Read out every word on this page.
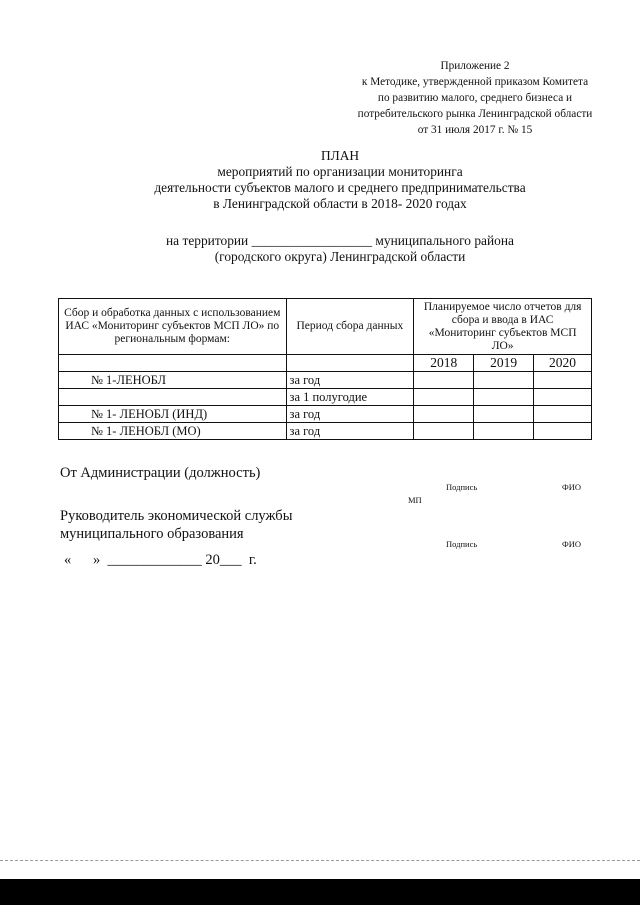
Приложение 2
к Методике, утвержденной приказом Комитета
по развитию малого, среднего бизнеса и
потребительского рынка Ленинградской области
от 31 июля 2017 г. № 15
ПЛАН
мероприятий по организации мониторинга
деятельности субъектов малого и среднего предпринимательства
в Ленинградской области в 2018- 2020 годах
на территории __________________ муниципального района
(городского округа) Ленинградской области
Сбор и обработка данных с использованием ИАС «Мониторинг субъектов МСП ЛО» по региональным формам:	Период сбора данных	Планируемое число отчетов для сбора и ввода в ИАС «Мониторинг субъектов МСП ЛО»		
		2018	2019	2020
№ 1-ЛЕНОБЛ	за год			
	за 1 полугодие			
№ 1- ЛЕНОБЛ (ИНД)	за год			
№ 1- ЛЕНОБЛ (МО)	за год			
От Администрации (должность)
Подпись	ФИО
МП
Руководитель экономической службы
муниципального образования
Подпись	ФИО
«      »  _____________ 20___  г.
